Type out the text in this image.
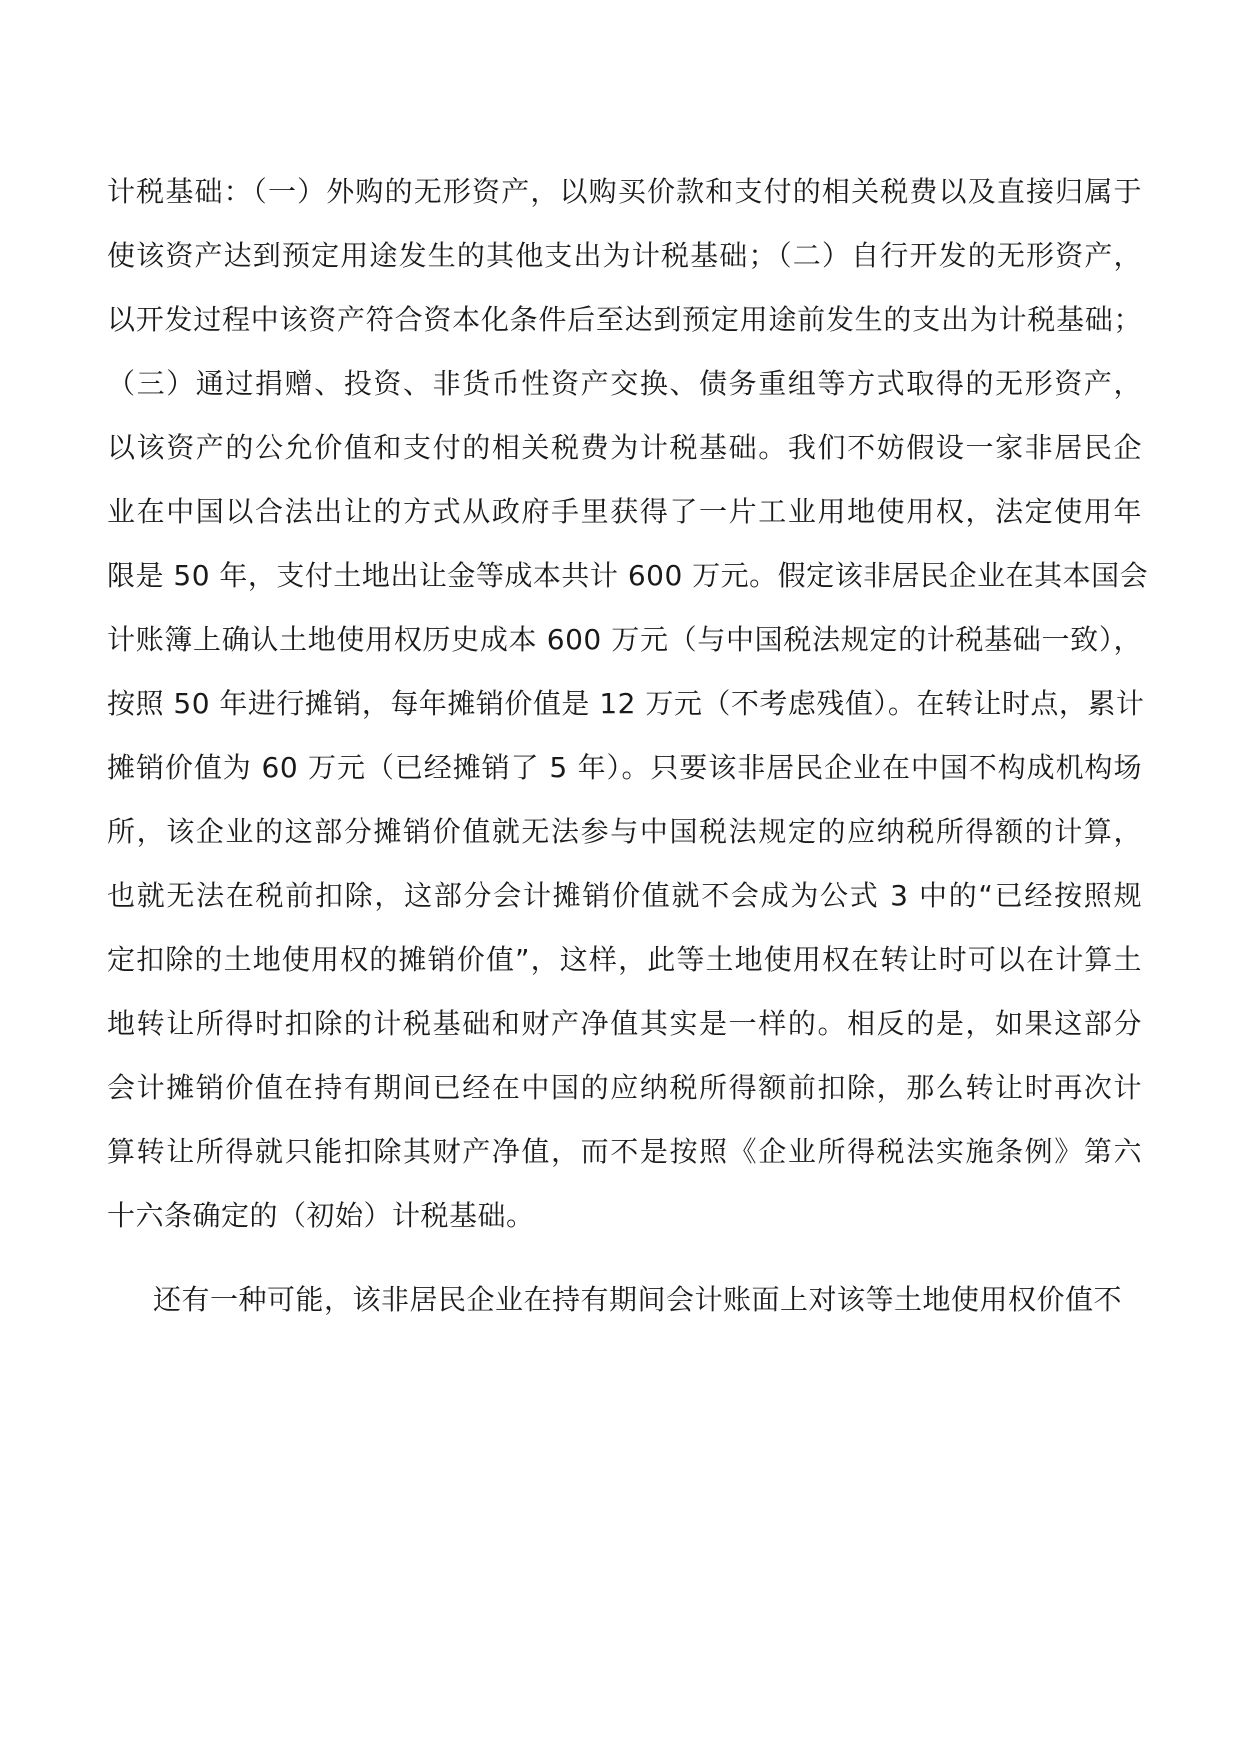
计税基础：（一）外购的无形资产，以购买价款和支付的相关税费以及直接归属于
使该资产达到预定用途发生的其他支出为计税基础；（二）自行开发的无形资产，
以开发过程中该资产符合资本化条件后至达到预定用途前发生的支出为计税基础；
（三）通过捐赠、投资、非货币性资产交换、债务重组等方式取得的无形资产，
以该资产的公允价值和支付的相关税费为计税基础。我们不妨假设一家非居民企
业在中国以合法出让的方式从政府手里获得了一片工业用地使用权，法定使用年
限是 50 年，支付土地出让金等成本共计 600 万元。假定该非居民企业在其本国会
计账簿上确认土地使用权历史成本 600 万元（与中国税法规定的计税基础一致），
按照 50 年进行摊销，每年摊销价值是 12 万元（不考虑残值）。在转让时点，累计
摊销价值为 60 万元（已经摊销了 5 年）。只要该非居民企业在中国不构成机构场
所，该企业的这部分摊销价值就无法参与中国税法规定的应纳税所得额的计算，
也就无法在税前扣除，这部分会计摊销价值就不会成为公式 3 中的“已经按照规
定扣除的土地使用权的摊销价值”，这样，此等土地使用权在转让时可以在计算土
地转让所得时扣除的计税基础和财产净值其实是一样的。相反的是，如果这部分
会计摊销价值在持有期间已经在中国的应纳税所得额前扣除，那么转让时再次计
算转让所得就只能扣除其财产净值，而不是按照《企业所得税法实施条例》第六
十六条确定的（初始）计税基础。
还有一种可能，该非居民企业在持有期间会计账面上对该等土地使用权价值不
